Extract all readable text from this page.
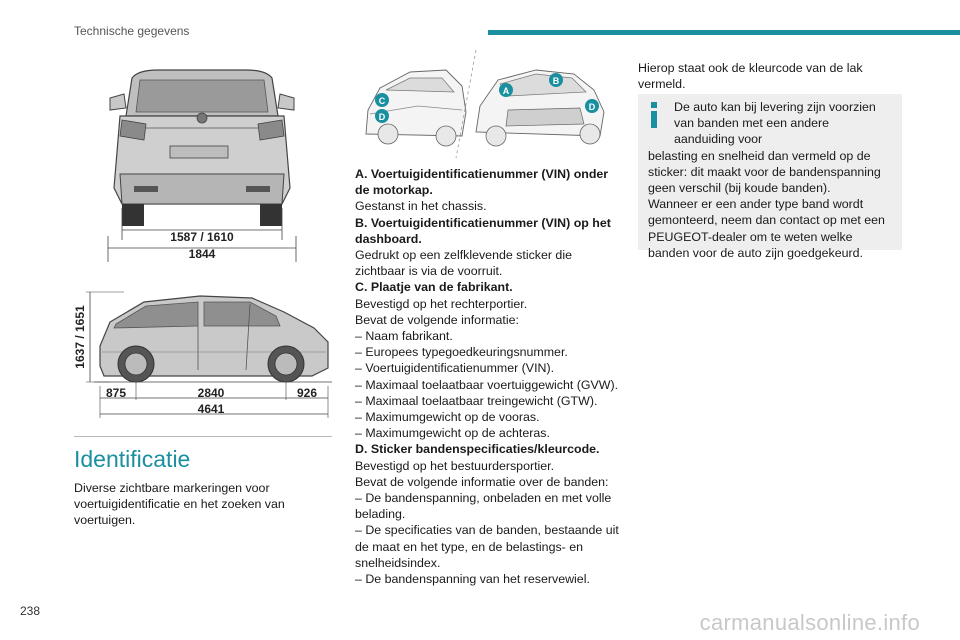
Technische gegevens
1587 / 1610
1844
1637 / 1651
875	2840	926
4641
A
B
C
D
D
Identificatie

Diverse zichtbare markeringen voor voertuigidentificatie en het zoeken van voertuigen.

A. Voertuigidentificatienummer (VIN) onder de motorkap.

Gestanst in het chassis.

B. Voertuigidentificatienummer (VIN) op het dashboard.

Gedrukt op een zelfklevende sticker die zichtbaar is via de voorruit.

C. Plaatje van de fabrikant.

Bevestigd op het rechterportier.

Bevat de volgende informatie:

– Naam fabrikant.

– Europees typegoedkeuringsnummer.

– Voertuigidentificatienummer (VIN).

– Maximaal toelaatbaar voertuiggewicht (GVW).

– Maximaal toelaatbaar treingewicht (GTW).

– Maximumgewicht op de vooras.

– Maximumgewicht op de achteras.

D. Sticker bandenspecificaties/kleurcode.

Bevestigd op het bestuurdersportier.

Bevat de volgende informatie over de banden:

– De bandenspanning, onbeladen en met volle belading.

– De specificaties van de banden, bestaande uit de maat en het type, en de belastings- en snelheidsindex.

– De bandenspanning van het reservewiel.

Hierop staat ook de kleurcode van de lak vermeld.

De auto kan bij levering zijn voorzien van banden met een andere aanduiding voor
belasting en snelheid dan vermeld op de sticker: dit maakt voor de bandenspanning geen verschil (bij koude banden).
Wanneer er een ander type band wordt gemonteerd, neem dan contact op met een PEUGEOT-dealer om te weten welke banden voor de auto zijn goedgekeurd.
238	carmanualsonline.info
